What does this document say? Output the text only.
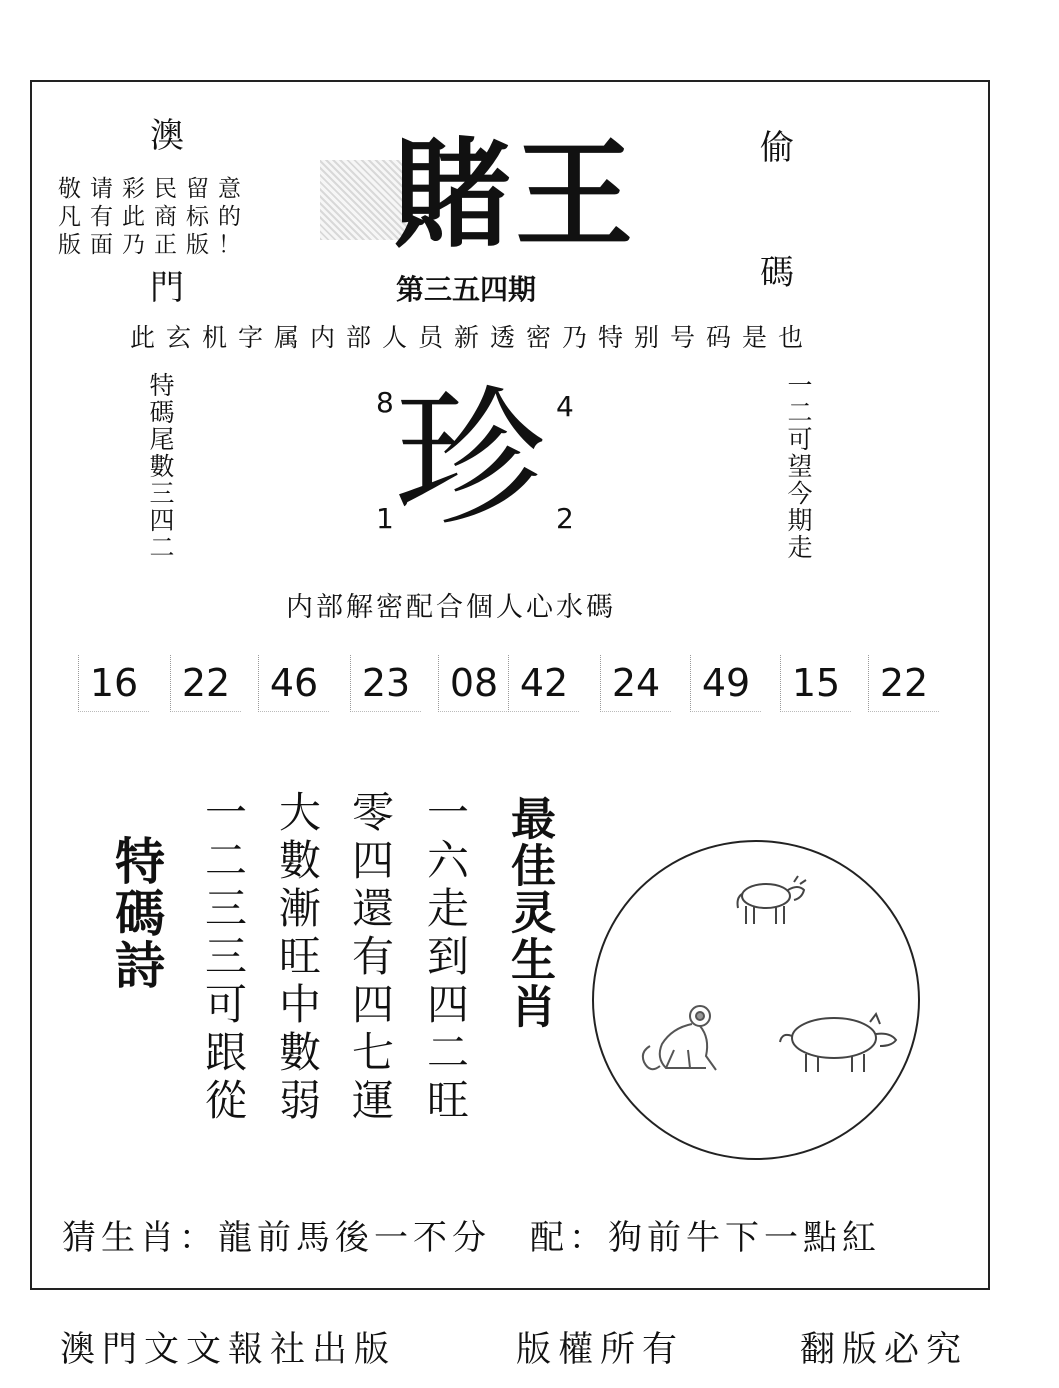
澳
門
偷
碼
敬请彩民留意
凡有此商标的
版面乃正版！	賭王
第三五四期
此玄机字属内部人员新透密乃特别号码是也
特碼尾數三四二	一二可望今期走
珍
8	4
1	2
内部解密配合個人心水碼
16	22	46	23	08 42	24	49	15	22
特碼詩	一六走到四二旺
零四還有四七運
大數漸旺中數弱
一二三三可跟從	最佳灵生肖
猜生肖：龍前馬後一不分　配：狗前牛下一點紅
澳門文文報社出版	版權所有	翻版必究
